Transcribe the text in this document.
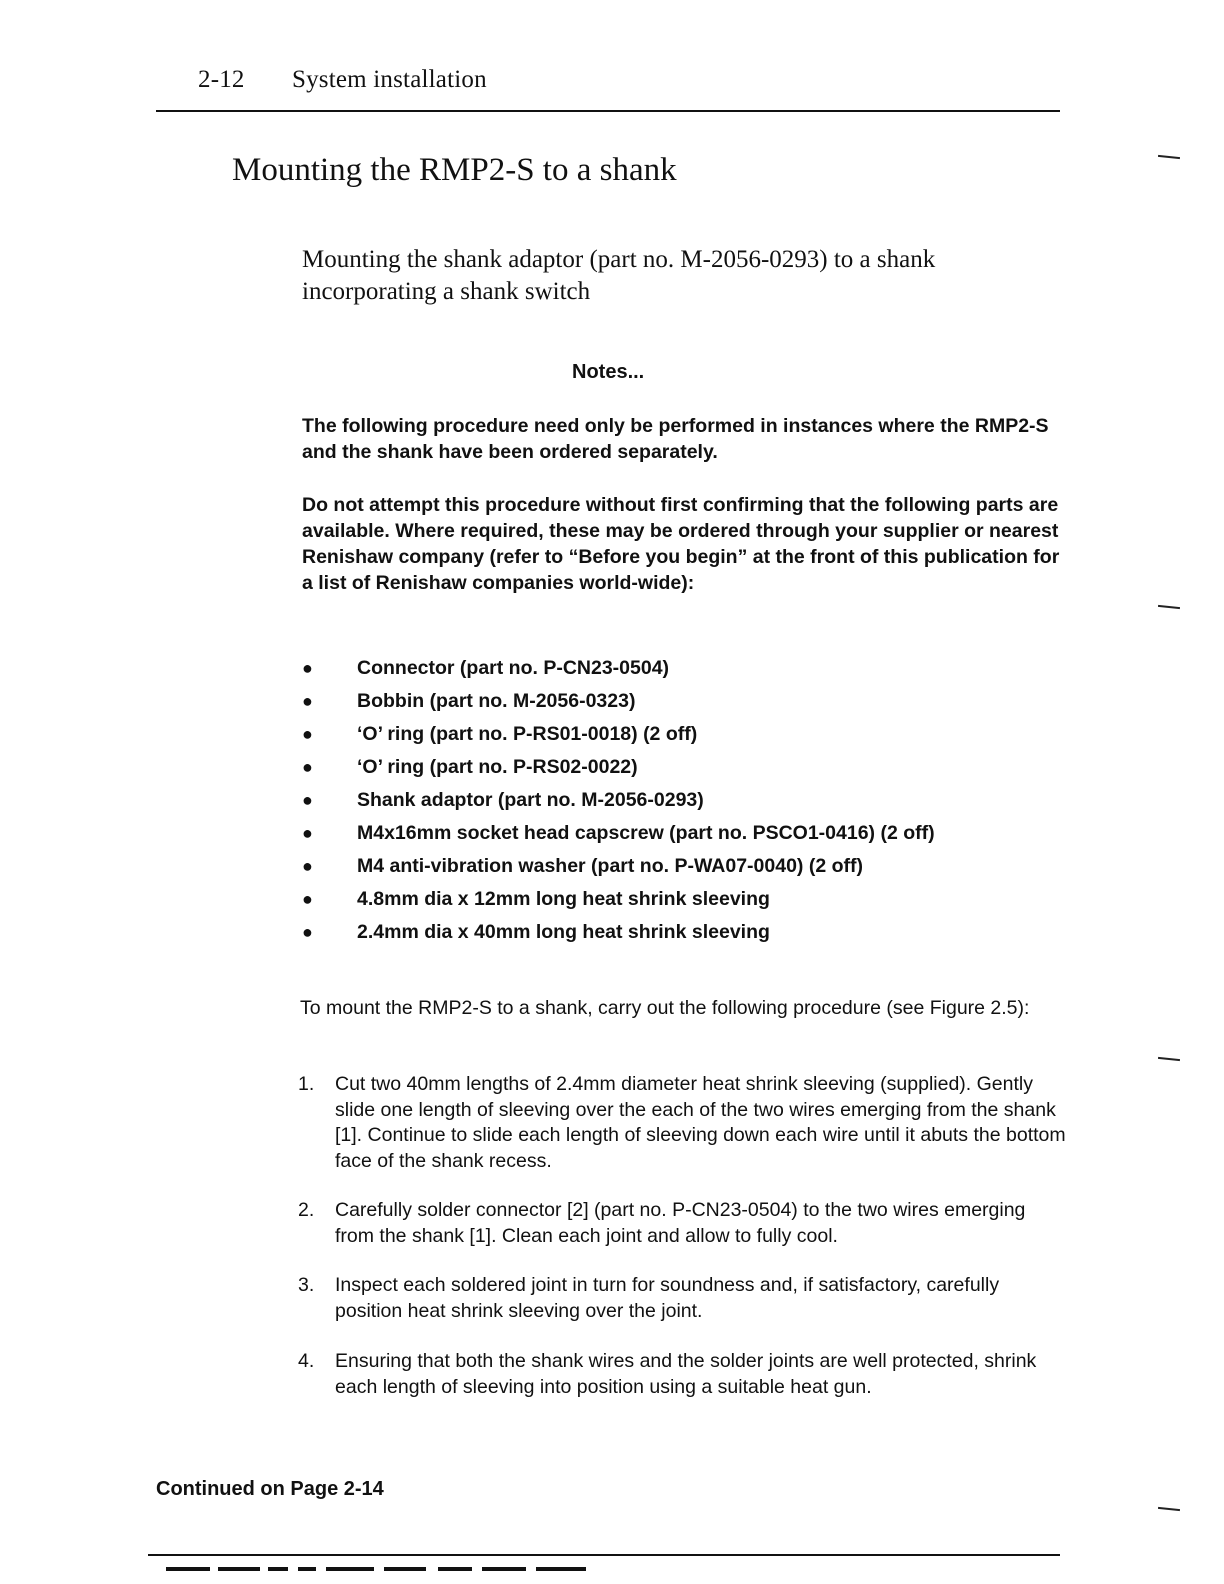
2-12 System installation
Mounting the RMP2-S to a shank
Mounting the shank adaptor (part no. M-2056-0293) to a shank incorporating a shank switch
Notes...

The following procedure need only be performed in instances where the RMP2-S and the shank have been ordered separately.

Do not attempt this procedure without first confirming that the following parts are available. Where required, these may be ordered through your supplier or nearest Renishaw company (refer to “Before you begin” at the front of this publication for a list of Renishaw companies world-wide):

● Connector (part no. P-CN23-0504)
● Bobbin (part no. M-2056-0323)
● ‘O’ ring (part no. P-RS01-0018) (2 off)
● ‘O’ ring (part no. P-RS02-0022)
● Shank adaptor (part no. M-2056-0293)
● M4x16mm socket head capscrew (part no. PSCO1-0416) (2 off)
● M4 anti-vibration washer (part no. P-WA07-0040) (2 off)
● 4.8mm dia x 12mm long heat shrink sleeving
● 2.4mm dia x 40mm long heat shrink sleeving

To mount the RMP2-S to a shank, carry out the following procedure (see Figure 2.5):

1. Cut two 40mm lengths of 2.4mm diameter heat shrink sleeving (supplied). Gently slide one length of sleeving over the each of the two wires emerging from the shank [1]. Continue to slide each length of sleeving down each wire until it abuts the bottom face of the shank recess.
2. Carefully solder connector [2] (part no. P-CN23-0504) to the two wires emerging from the shank [1]. Clean each joint and allow to fully cool.
3. Inspect each soldered joint in turn for soundness and, if satisfactory, carefully position heat shrink sleeving over the joint.
4. Ensuring that both the shank wires and the solder joints are well protected, shrink each length of sleeving into position using a suitable heat gun.
Continued on Page 2-14
